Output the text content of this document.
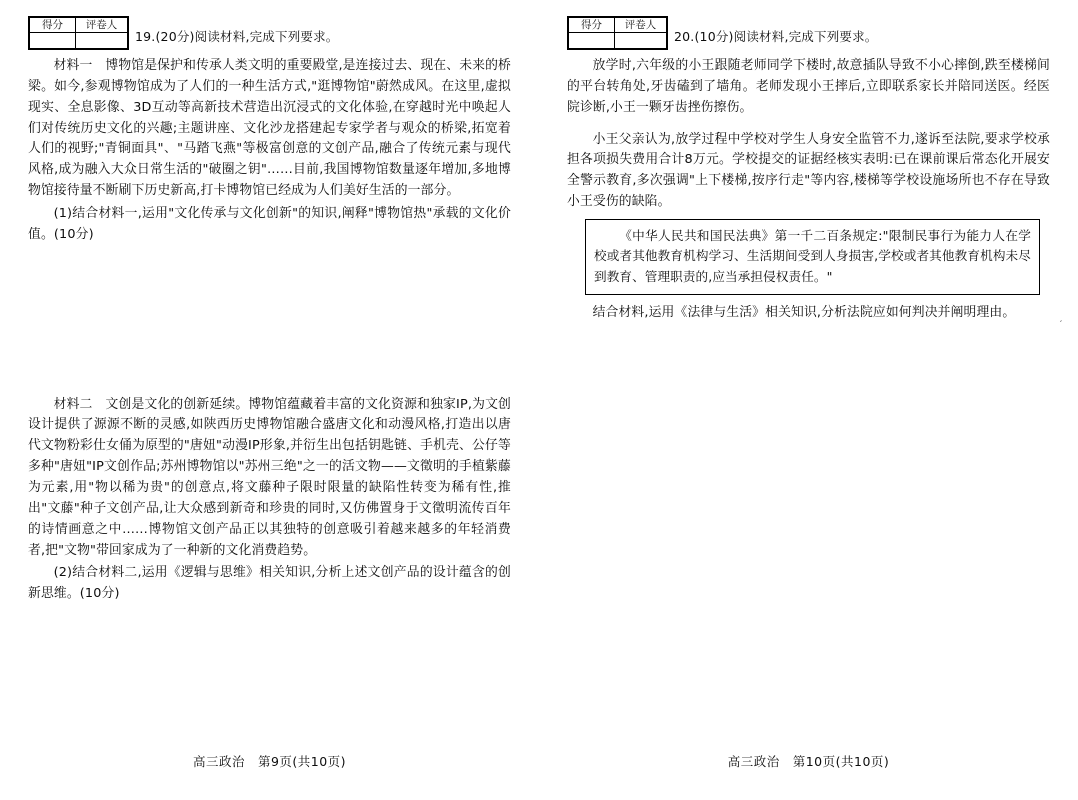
得分	评卷人

19.(20分)阅读材料,完成下列要求。

材料一　博物馆是保护和传承人类文明的重要殿堂,是连接过去、现在、未来的桥梁。如今,参观博物馆成为了人们的一种生活方式,"逛博物馆"蔚然成风。在这里,虚拟现实、全息影像、3D互动等高新技术营造出沉浸式的文化体验,在穿越时光中唤起人们对传统历史文化的兴趣;主题讲座、文化沙龙搭建起专家学者与观众的桥梁,拓宽着人们的视野;"青铜面具"、"马踏飞燕"等极富创意的文创产品,融合了传统元素与现代风格,成为融入大众日常生活的"破圈之钥"……目前,我国博物馆数量逐年增加,多地博物馆接待量不断刷下历史新高,打卡博物馆已经成为人们美好生活的一部分。

(1)结合材料一,运用"文化传承与文化创新"的知识,阐释"博物馆热"承载的文化价值。(10分)

材料二　文创是文化的创新延续。博物馆蕴藏着丰富的文化资源和独家IP,为文创设计提供了源源不断的灵感,如陕西历史博物馆融合盛唐文化和动漫风格,打造出以唐代文物粉彩仕女俑为原型的"唐妞"动漫IP形象,并衍生出包括钥匙链、手机壳、公仔等多种"唐妞"IP文创作品;苏州博物馆以"苏州三绝"之一的活文物——文徵明的手植紫藤为元素,用"物以稀为贵"的创意点,将文藤种子限时限量的缺陷性转变为稀有性,推出"文藤"种子文创产品,让大众感到新奇和珍贵的同时,又仿佛置身于文徵明流传百年的诗情画意之中……博物馆文创产品正以其独特的创意吸引着越来越多的年轻消费者,把"文物"带回家成为了一种新的文化消费趋势。

(2)结合材料二,运用《逻辑与思维》相关知识,分析上述文创产品的设计蕴含的创新思维。(10分)

高三政治　第9页(共10页)
得分	评卷人

20.(10分)阅读材料,完成下列要求。

放学时,六年级的小王跟随老师同学下楼时,故意插队导致不小心摔倒,跌至楼梯间的平台转角处,牙齿磕到了墙角。老师发现小王摔后,立即联系家长并陪同送医。经医院诊断,小王一颗牙齿挫伤擦伤。

小王父亲认为,放学过程中学校对学生人身安全监管不力,遂诉至法院,要求学校承担各项损失费用合计8万元。学校提交的证据经核实表明:已在课前课后常态化开展安全警示教育,多次强调"上下楼梯,按序行走"等内容,楼梯等学校设施场所也不存在导致小王受伤的缺陷。

《中华人民共和国民法典》第一千二百条规定:"限制民事行为能力人在学校或者其他教育机构学习、生活期间受到人身损害,学校或者其他教育机构未尽到教育、管理职责的,应当承担侵权责任。"

结合材料,运用《法律与生活》相关知识,分析法院应如何判决并阐明理由。

′
高三政治　第10页(共10页)
